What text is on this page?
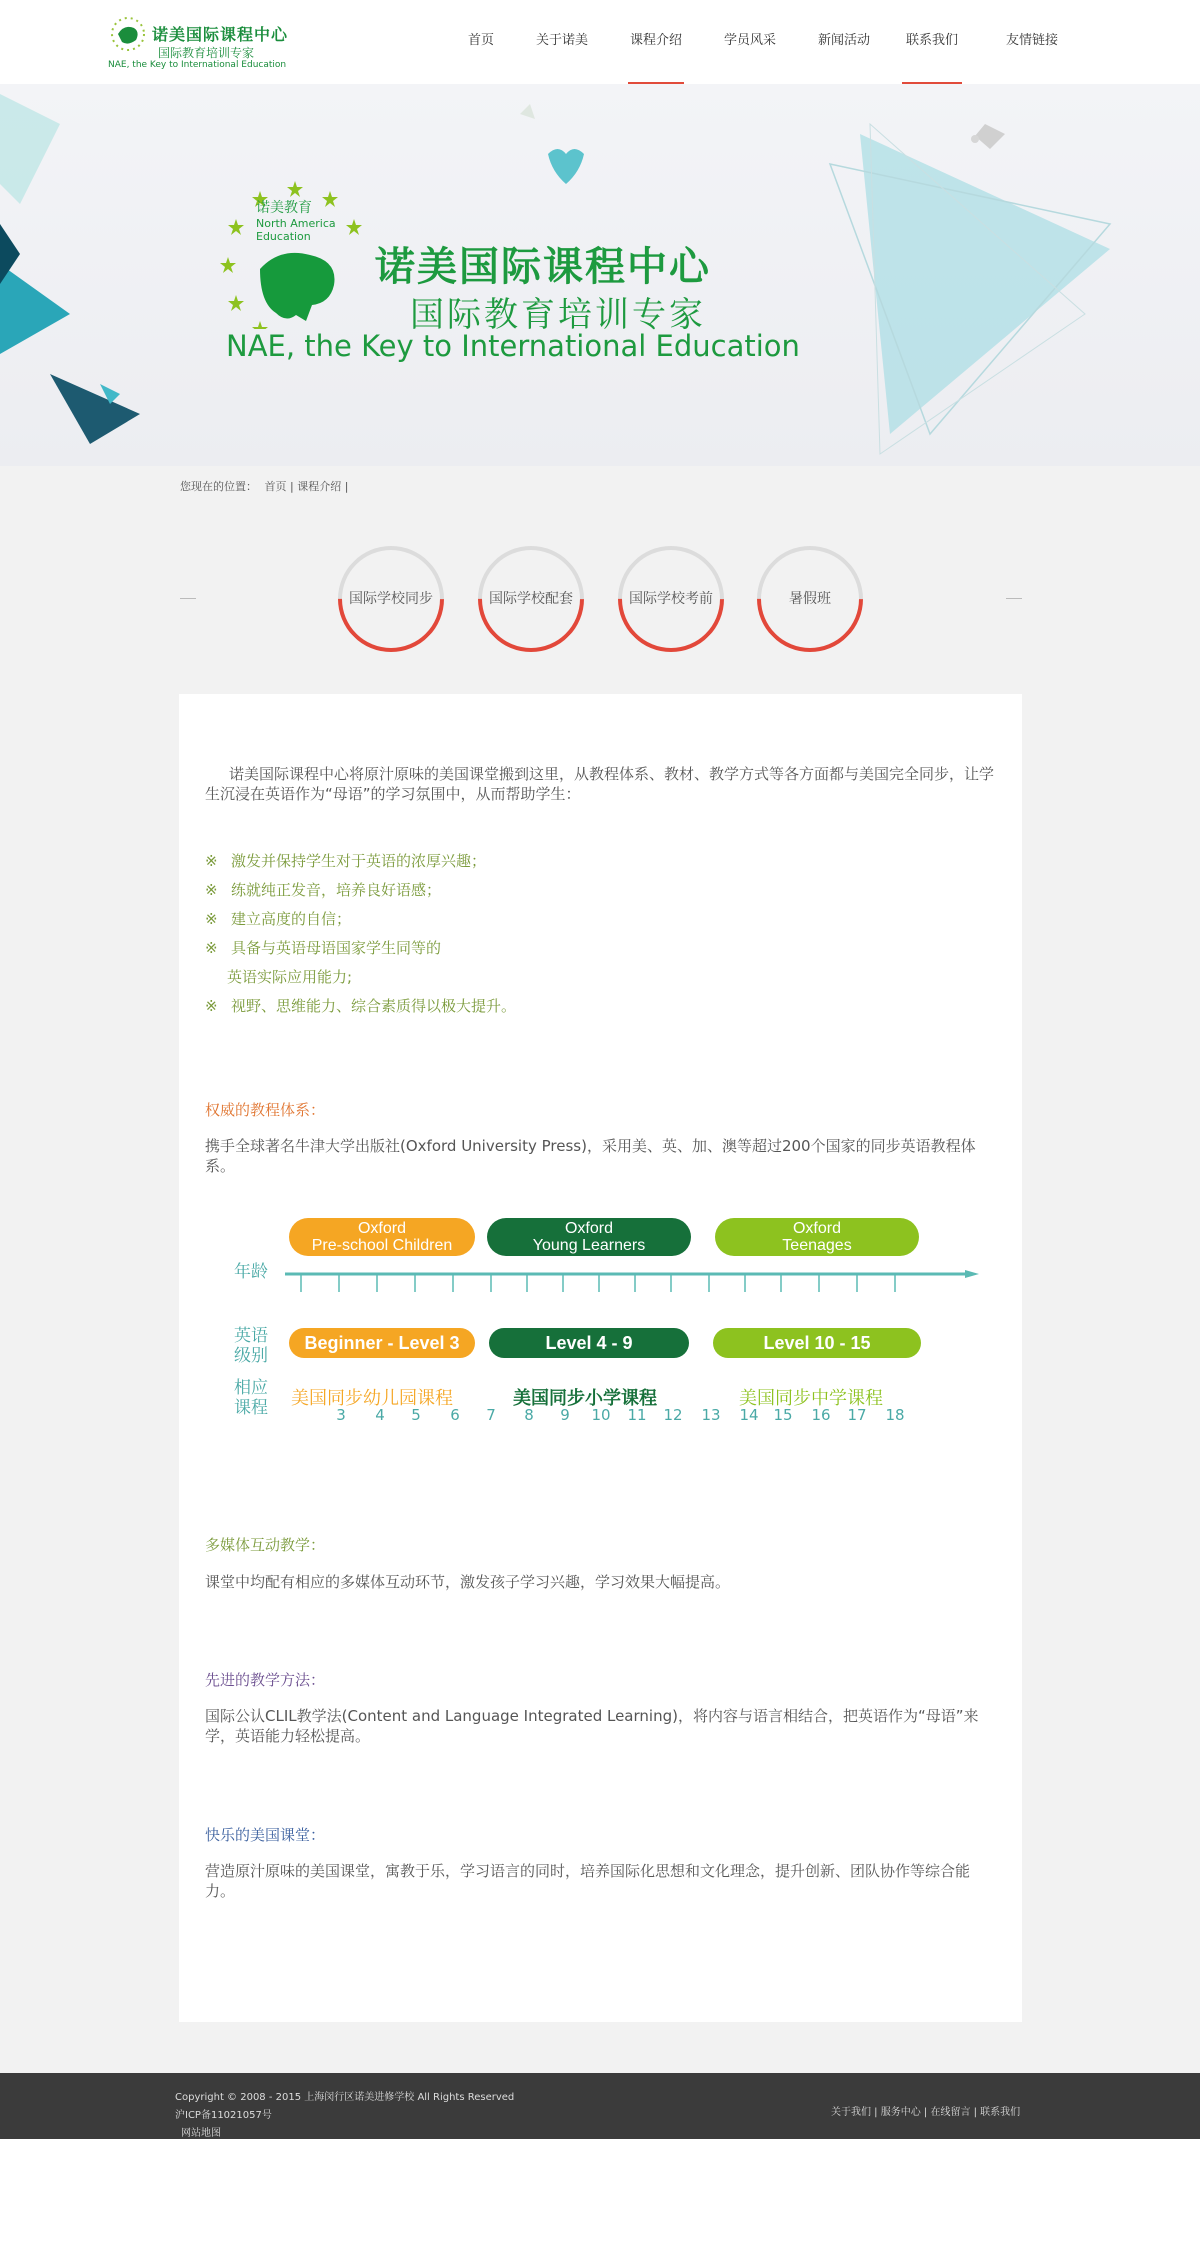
诺美国际课程中心
国际教育培训专家
NAE, the Key to International Education
首页	关于诺美	课程介绍	学员风采	新闻活动	联系我们	友情链接
诺美教育
North America Education
诺美国际课程中心
国际教育培训专家
NAE, the Key to International Education
您现在的位置： 首页 | 课程介绍 |
国际学校同步	国际学校配套	国际学校考前	暑假班
诺美国际课程中心将原汁原味的美国课堂搬到这里，从教程体系、教材、教学方式等各方面都与美国完全同步，让学生沉浸在英语作为“母语”的学习氛围中，从而帮助学生：
※ 激发并保持学生对于英语的浓厚兴趣；
※ 练就纯正发音，培养良好语感；
※ 建立高度的自信；
※ 具备与英语母语国家学生同等的
英语实际应用能力;
※ 视野、思维能力、综合素质得以极大提升。
权威的教程体系：
携手全球著名牛津大学出版社(Oxford University Press)，采用美、英、加、澳等超过200个国家的同步英语教程体系。
Oxford
Pre-school Children
Oxford
Young Learners
Oxford
Teenages
年龄
3	4	5	6	7	8	9	10 11 12 13 14 15 16 17 18
英语级别
Beginner - Level 3	Level 4 - 9	Level 10 - 15
相应课程 美国同步幼儿园课程	美国同步小学课程	美国同步中学课程
多媒体互动教学：
课堂中均配有相应的多媒体互动环节，激发孩子学习兴趣，学习效果大幅提高。
先进的教学方法：
国际公认CLIL教学法(Content and Language Integrated Learning)，将内容与语言相结合，把英语作为“母语”来学，英语能力轻松提高。
快乐的美国课堂：
营造原汁原味的美国课堂，寓教于乐，学习语言的同时，培养国际化思想和文化理念，提升创新、团队协作等综合能力。
Copyright © 2008 - 2015 上海闵行区诺美进修学校 All Rights Reserved
沪ICP备11021057号
网站地图
关于我们 | 服务中心 | 在线留言 | 联系我们
